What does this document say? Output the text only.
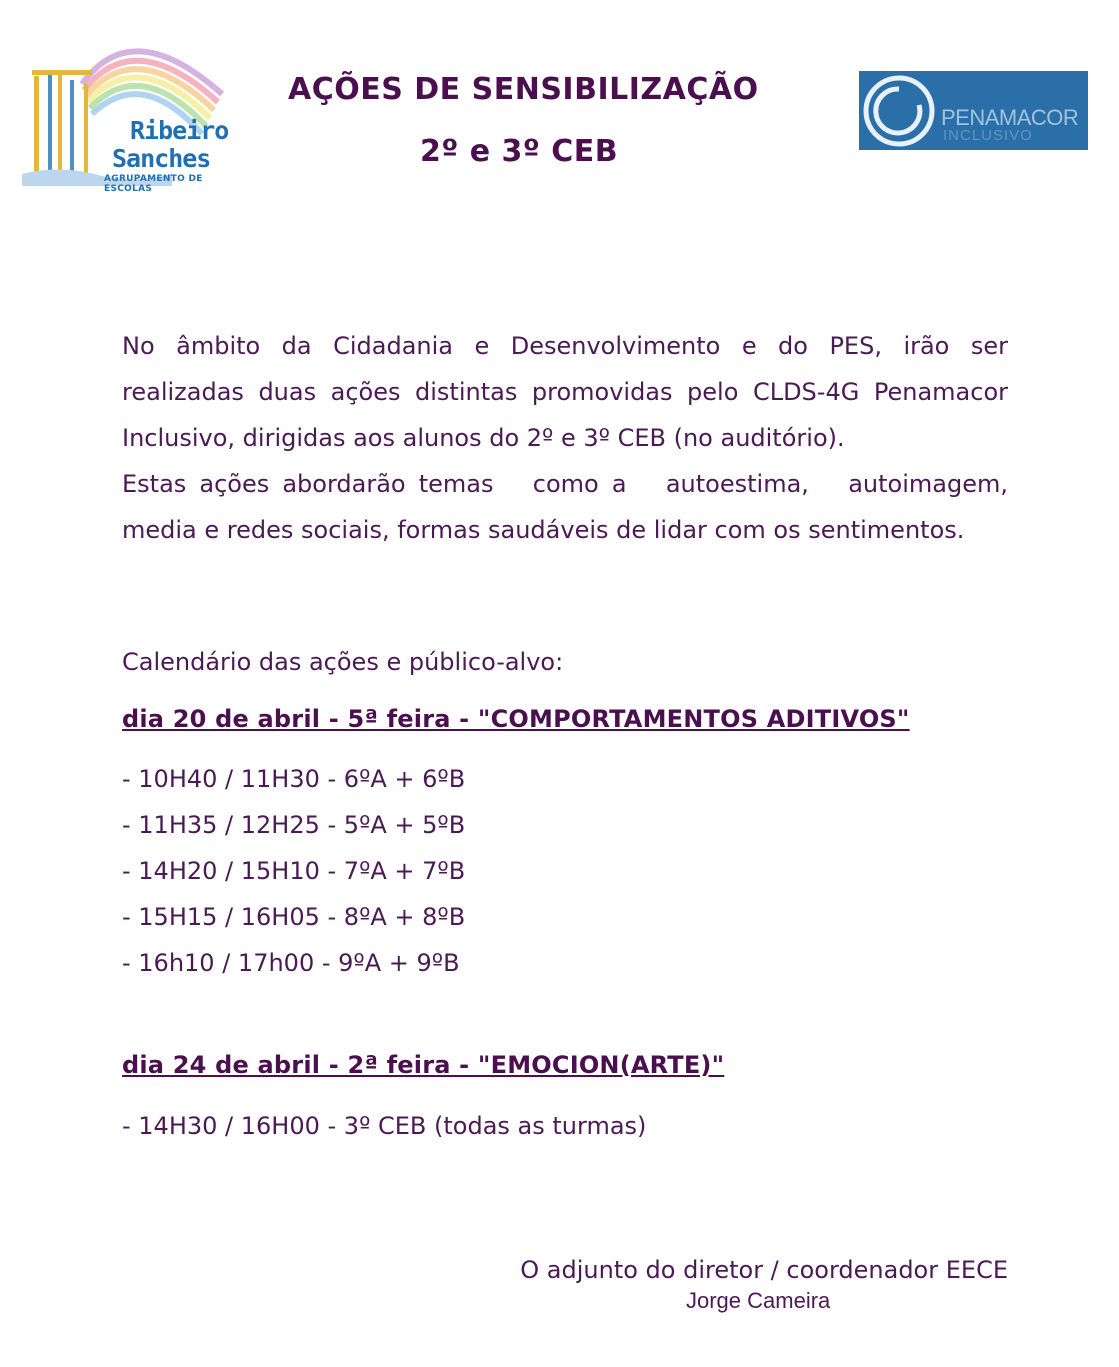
Ribeiro
Sanches
AGRUPAMENTO DE ESCOLAS
AÇÕES DE SENSIBILIZAÇÃO
2º e 3º CEB
PENAMACOR
INCLUSIVO
No âmbito da Cidadania e Desenvolvimento e do PES, irão ser
realizadas duas ações distintas promovidas pelo CLDS-4G Penamacor
Inclusivo, dirigidas aos alunos do 2º e 3º CEB (no auditório).
Estas ações abordarão temas   como a   autoestima,   autoimagem,
media e redes sociais, formas saudáveis de lidar com os sentimentos.
Calendário das ações e público-alvo:
dia 20 de abril - 5ª feira - "COMPORTAMENTOS ADITIVOS"
- 10H40 / 11H30 - 6ºA + 6ºB
- 11H35 / 12H25 - 5ºA + 5ºB
- 14H20 / 15H10 - 7ºA + 7ºB
- 15H15 / 16H05 - 8ºA + 8ºB
- 16h10 / 17h00 - 9ºA + 9ºB
dia 24 de abril - 2ª feira - "EMOCION(ARTE)"
- 14H30 / 16H00 - 3º CEB (todas as turmas)
O adjunto do diretor / coordenador EECE
Jorge Cameira
